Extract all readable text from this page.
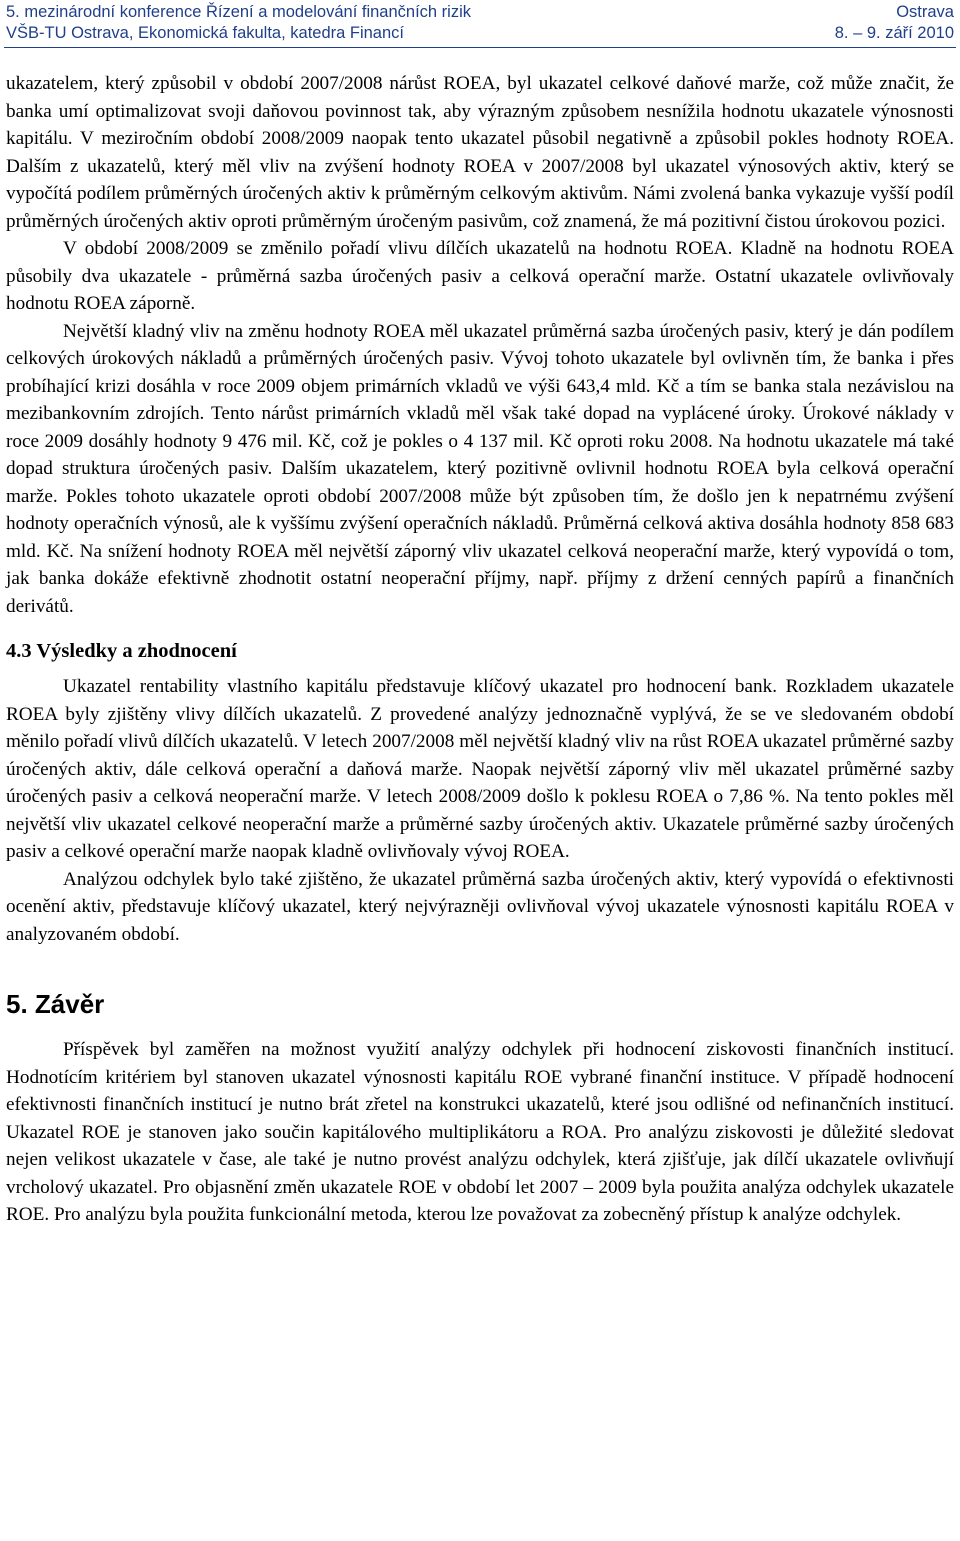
5. mezinárodní konference Řízení a modelování finančních rizik	Ostrava
VŠB-TU Ostrava, Ekonomická fakulta, katedra Financí	8. – 9. září 2010

ukazatelem, který způsobil v období 2007/2008 nárůst ROEA, byl ukazatel celkové daňové marže, což může značit, že banka umí optimalizovat svoji daňovou povinnost tak, aby výrazným způsobem nesnížila hodnotu ukazatele výnosnosti kapitálu. V meziročním období 2008/2009 naopak tento ukazatel působil negativně a způsobil pokles hodnoty ROEA. Dalším z ukazatelů, který měl vliv na zvýšení hodnoty ROEA v 2007/2008 byl ukazatel výnosových aktiv, který se vypočítá podílem průměrných úročených aktiv k průměrným celkovým aktivům. Námi zvolená banka vykazuje vyšší podíl průměrných úročených aktiv oproti průměrným úročeným pasivům, což znamená, že má pozitivní čistou úrokovou pozici.

V období 2008/2009 se změnilo pořadí vlivu dílčích ukazatelů na hodnotu ROEA. Kladně na hodnotu ROEA působily dva ukazatele - průměrná sazba úročených pasiv a celková operační marže. Ostatní ukazatele ovlivňovaly hodnotu ROEA záporně.

Největší kladný vliv na změnu hodnoty ROEA měl ukazatel průměrná sazba úročených pasiv, který je dán podílem celkových úrokových nákladů a průměrných úročených pasiv. Vývoj tohoto ukazatele byl ovlivněn tím, že banka i přes probíhající krizi dosáhla v roce 2009 objem primárních vkladů ve výši 643,4 mld. Kč a tím se banka stala nezávislou na mezibankovním zdrojích. Tento nárůst primárních vkladů měl však také dopad na vyplácené úroky. Úrokové náklady v roce 2009 dosáhly hodnoty 9 476 mil. Kč, což je pokles o 4 137 mil. Kč oproti roku 2008. Na hodnotu ukazatele má také dopad struktura úročených pasiv. Dalším ukazatelem, který pozitivně ovlivnil hodnotu ROEA byla celková operační marže. Pokles tohoto ukazatele oproti období 2007/2008 může být způsoben tím, že došlo jen k nepatrnému zvýšení hodnoty operačních výnosů, ale k vyššímu zvýšení operačních nákladů. Průměrná celková aktiva dosáhla hodnoty 858 683 mld. Kč. Na snížení hodnoty ROEA měl největší záporný vliv ukazatel celková neoperační marže, který vypovídá o tom, jak banka dokáže efektivně zhodnotit ostatní neoperační příjmy, např. příjmy z držení cenných papírů a finančních derivátů.

4.3 Výsledky a zhodnocení

Ukazatel rentability vlastního kapitálu představuje klíčový ukazatel pro hodnocení bank. Rozkladem ukazatele ROEA byly zjištěny vlivy dílčích ukazatelů. Z provedené analýzy jednoznačně vyplývá, že se ve sledovaném období měnilo pořadí vlivů dílčích ukazatelů. V letech 2007/2008 měl největší kladný vliv na růst ROEA ukazatel průměrné sazby úročených aktiv, dále celková operační a daňová marže. Naopak největší záporný vliv měl ukazatel průměrné sazby úročených pasiv a celková neoperační marže. V letech 2008/2009 došlo k poklesu ROEA o 7,86 %. Na tento pokles měl největší vliv ukazatel celkové neoperační marže a průměrné sazby úročených aktiv. Ukazatele průměrné sazby úročených pasiv a celkové operační marže naopak kladně ovlivňovaly vývoj ROEA.

Analýzou odchylek bylo také zjištěno, že ukazatel průměrná sazba úročených aktiv, který vypovídá o efektivnosti ocenění aktiv, představuje klíčový ukazatel, který nejvýrazněji ovlivňoval vývoj ukazatele výnosnosti kapitálu ROEA v analyzovaném období.

5. Závěr

Příspěvek byl zaměřen na možnost využití analýzy odchylek při hodnocení ziskovosti finančních institucí. Hodnotícím kritériem byl stanoven ukazatel výnosnosti kapitálu ROE vybrané finanční instituce. V případě hodnocení efektivnosti finančních institucí je nutno brát zřetel na konstrukci ukazatelů, které jsou odlišné od nefinančních institucí. Ukazatel ROE je stanoven jako součin kapitálového multiplikátoru a ROA. Pro analýzu ziskovosti je důležité sledovat nejen velikost ukazatele v čase, ale také je nutno provést analýzu odchylek, která zjišťuje, jak dílčí ukazatele ovlivňují vrcholový ukazatel. Pro objasnění změn ukazatele ROE v období let 2007 – 2009 byla použita analýza odchylek ukazatele ROE. Pro analýzu byla použita funkcionální metoda, kterou lze považovat za zobecněný přístup k analýze odchylek.
